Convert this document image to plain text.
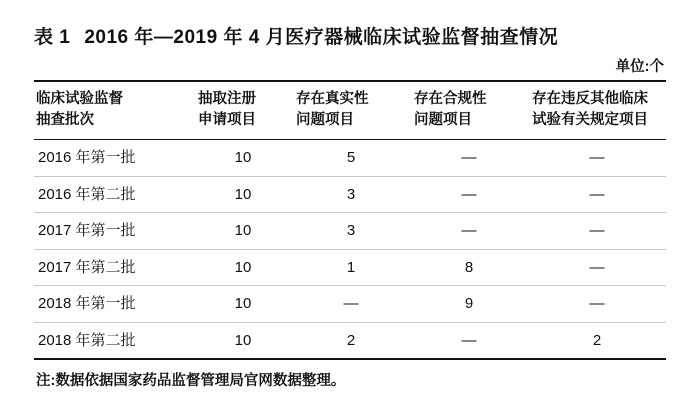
表 1 2016 年—2019 年 4 月医疗器械临床试验监督抽查情况
单位:个
临床试验监督
抽查批次

抽取注册
申请项目

存在真实性
问题项目

存在合规性
问题项目

存在违反其他临床
试验有关规定项目

2016 年第一批	10	5	—	—
2016 年第二批	10	3	—	—
2017 年第一批	10	3	—	—
2017 年第二批	10	1	8	—
2018 年第一批	10	—	9	—
2018 年第二批	10	2	—	2
注:数据依据国家药品监督管理局官网数据整理。
